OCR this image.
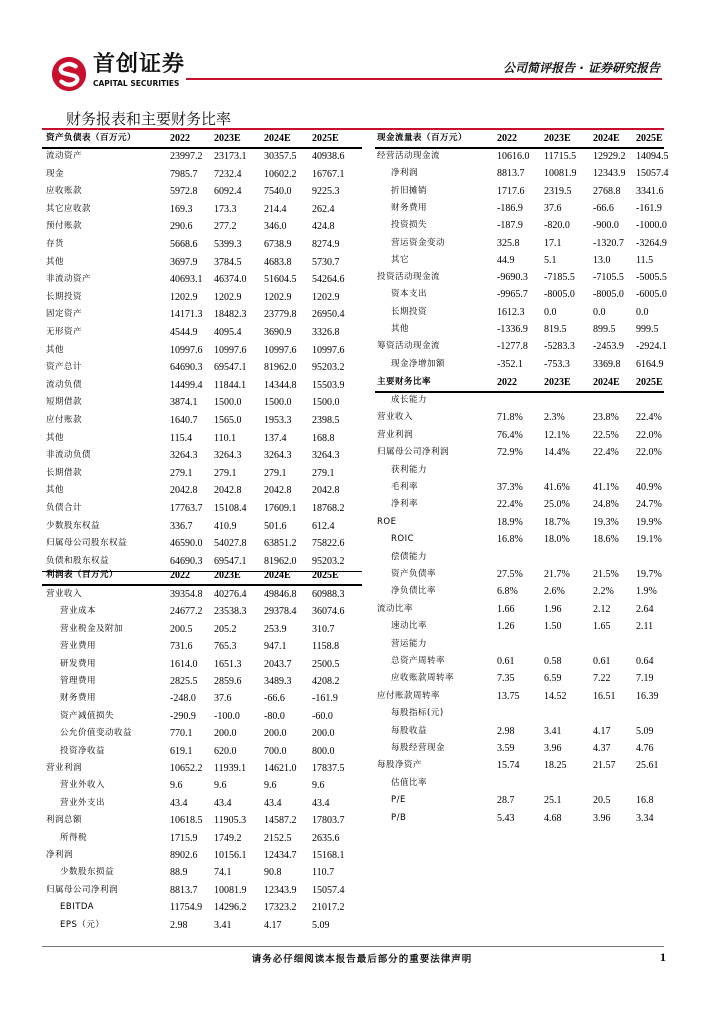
首创证券
CAPITAL SECURITIES
公司简评报告 · 证券研究报告
财务报表和主要财务比率
资产负债表（百万元）	2022 2023E 2024E 2025E
流动资产	23997.2 23173.1 30357.5 40938.6
现金	7985.7 7232.4 10602.2 16767.1
应收账款	5972.8 6092.4 7540.0 9225.3
其它应收款	169.3 173.3	214.4	262.4
预付账款	290.6 277.2	346.0	424.8
存货	5668.6 5399.3 6738.9 8274.9
其他	3697.9 3784.5 4683.8 5730.7
非流动资产	40693.1 46374.0 51604.5 54264.6
长期投资	1202.9 1202.9 1202.9 1202.9
固定资产	14171.3 18482.3 23779.8 26950.4
无形资产	4544.9 4095.4 3690.9 3326.8
其他	10997.6 10997.6 10997.6 10997.6
资产总计	64690.3 69547.1 81962.0 95203.2
流动负债	14499.4 11844.1 14344.8 15503.9
短期借款	3874.1 1500.0 1500.0 1500.0
应付账款	1640.7 1565.0 1953.3 2398.5
其他	115.4 110.1	137.4	168.8
非流动负债	3264.3 3264.3 3264.3 3264.3
长期借款	279.1 279.1	279.1	279.1
其他	2042.8 2042.8 2042.8 2042.8
负债合计	17763.7 15108.4 17609.1 18768.2
少数股东权益	336.7 410.9	501.6	612.4
归属母公司股东权益	46590.0 54027.8 63851.2 75822.6
负债和股东权益	64690.3 69547.1 81962.0 95203.2
利润表（百万元）	2022 2023E 2024E 2025E
营业收入	39354.8 40276.4 49846.8 60988.3
营业成本	24677.2 23538.3 29378.4 36074.6
营业税金及附加	200.5 205.2	253.9	310.7
营业费用	731.6 765.3	947.1	1158.8
研发费用	1614.0 1651.3 2043.7 2500.5
管理费用	2825.5 2859.6 3489.3 4208.2
财务费用	-248.0 37.6	-66.6	-161.9
资产减值损失	-290.9 -100.0 -80.0	-60.0
公允价值变动收益	770.1 200.0	200.0	200.0
投资净收益	619.1 620.0	700.0	800.0
营业利润	10652.2 11939.1 14621.0 17837.5
营业外收入	9.6	9.6	9.6	9.6
营业外支出	43.4	43.4	43.4	43.4
利润总额	10618.5 11905.3 14587.2 17803.7
所得税	1715.9 1749.2 2152.5 2635.6
净利润	8902.6 10156.1 12434.7 15168.1
少数股东损益	88.9	74.1	90.8	110.7
归属母公司净利润	8813.7 10081.9 12343.9 15057.4
EBITDA	11754.9 14296.2 17323.2 21017.2
EPS（元）	2.98	3.41	4.17	5.09
现金流量表（百万元）	2022	2023E 2024E 2025E
经营活动现金流	10616.0 11715.5 12929.2 14094.5
净利润	8813.7 10081.9 12343.9 15057.4
折旧摊销	1717.6 2319.5 2768.8 3341.6
财务费用	-186.9 37.6	-66.6 -161.9
投资损失	-187.9 -820.0 -900.0 -1000.0
营运资金变动	325.8 17.1	-1320.7 -3264.9
其它	44.9	5.1	13.0	11.5
投资活动现金流	-9690.3 -7185.5 -7105.5 -5005.5
资本支出	-9965.7 -8005.0 -8005.0 -6005.0
长期投资	1612.3 0.0	0.0	0.0
其他	-1336.9 819.5	899.5 999.5
筹资活动现金流	-1277.8 -5283.3 -2453.9 -2924.1
现金净增加额	-352.1 -753.3 3369.8 6164.9
主要财务比率	2022	2023E 2024E 2025E
成长能力
营业收入	71.8% 2.3%	23.8% 22.4%
营业利润	76.4% 12.1% 22.5% 22.0%
归属母公司净利润	72.9% 14.4% 22.4% 22.0%
获利能力
毛利率	37.3% 41.6% 41.1% 40.9%
净利率	22.4% 25.0% 24.8% 24.7%
ROE	18.9% 18.7% 19.3% 19.9%
ROIC	16.8% 18.0% 18.6% 19.1%
偿债能力
资产负债率	27.5% 21.7% 21.5% 19.7%
净负债比率	6.8%	2.6%	2.2% 1.9%
流动比率	1.66	1.96	2.12	2.64
速动比率	1.26	1.50	1.65	2.11
营运能力
总资产周转率	0.61	0.58	0.61	0.64
应收账款周转率	7.35	6.59	7.22	7.19
应付账款周转率	13.75 14.52	16.51 16.39
每股指标(元)
每股收益	2.98	3.41	4.17	5.09
每股经营现金	3.59	3.96	4.37	4.76
每股净资产	15.74 18.25	21.57 25.61
估值比率
P/E	28.7	25.1	20.5	16.8
P/B	5.43	4.68	3.96	3.34
请务必仔细阅读本报告最后部分的重要法律声明	1
